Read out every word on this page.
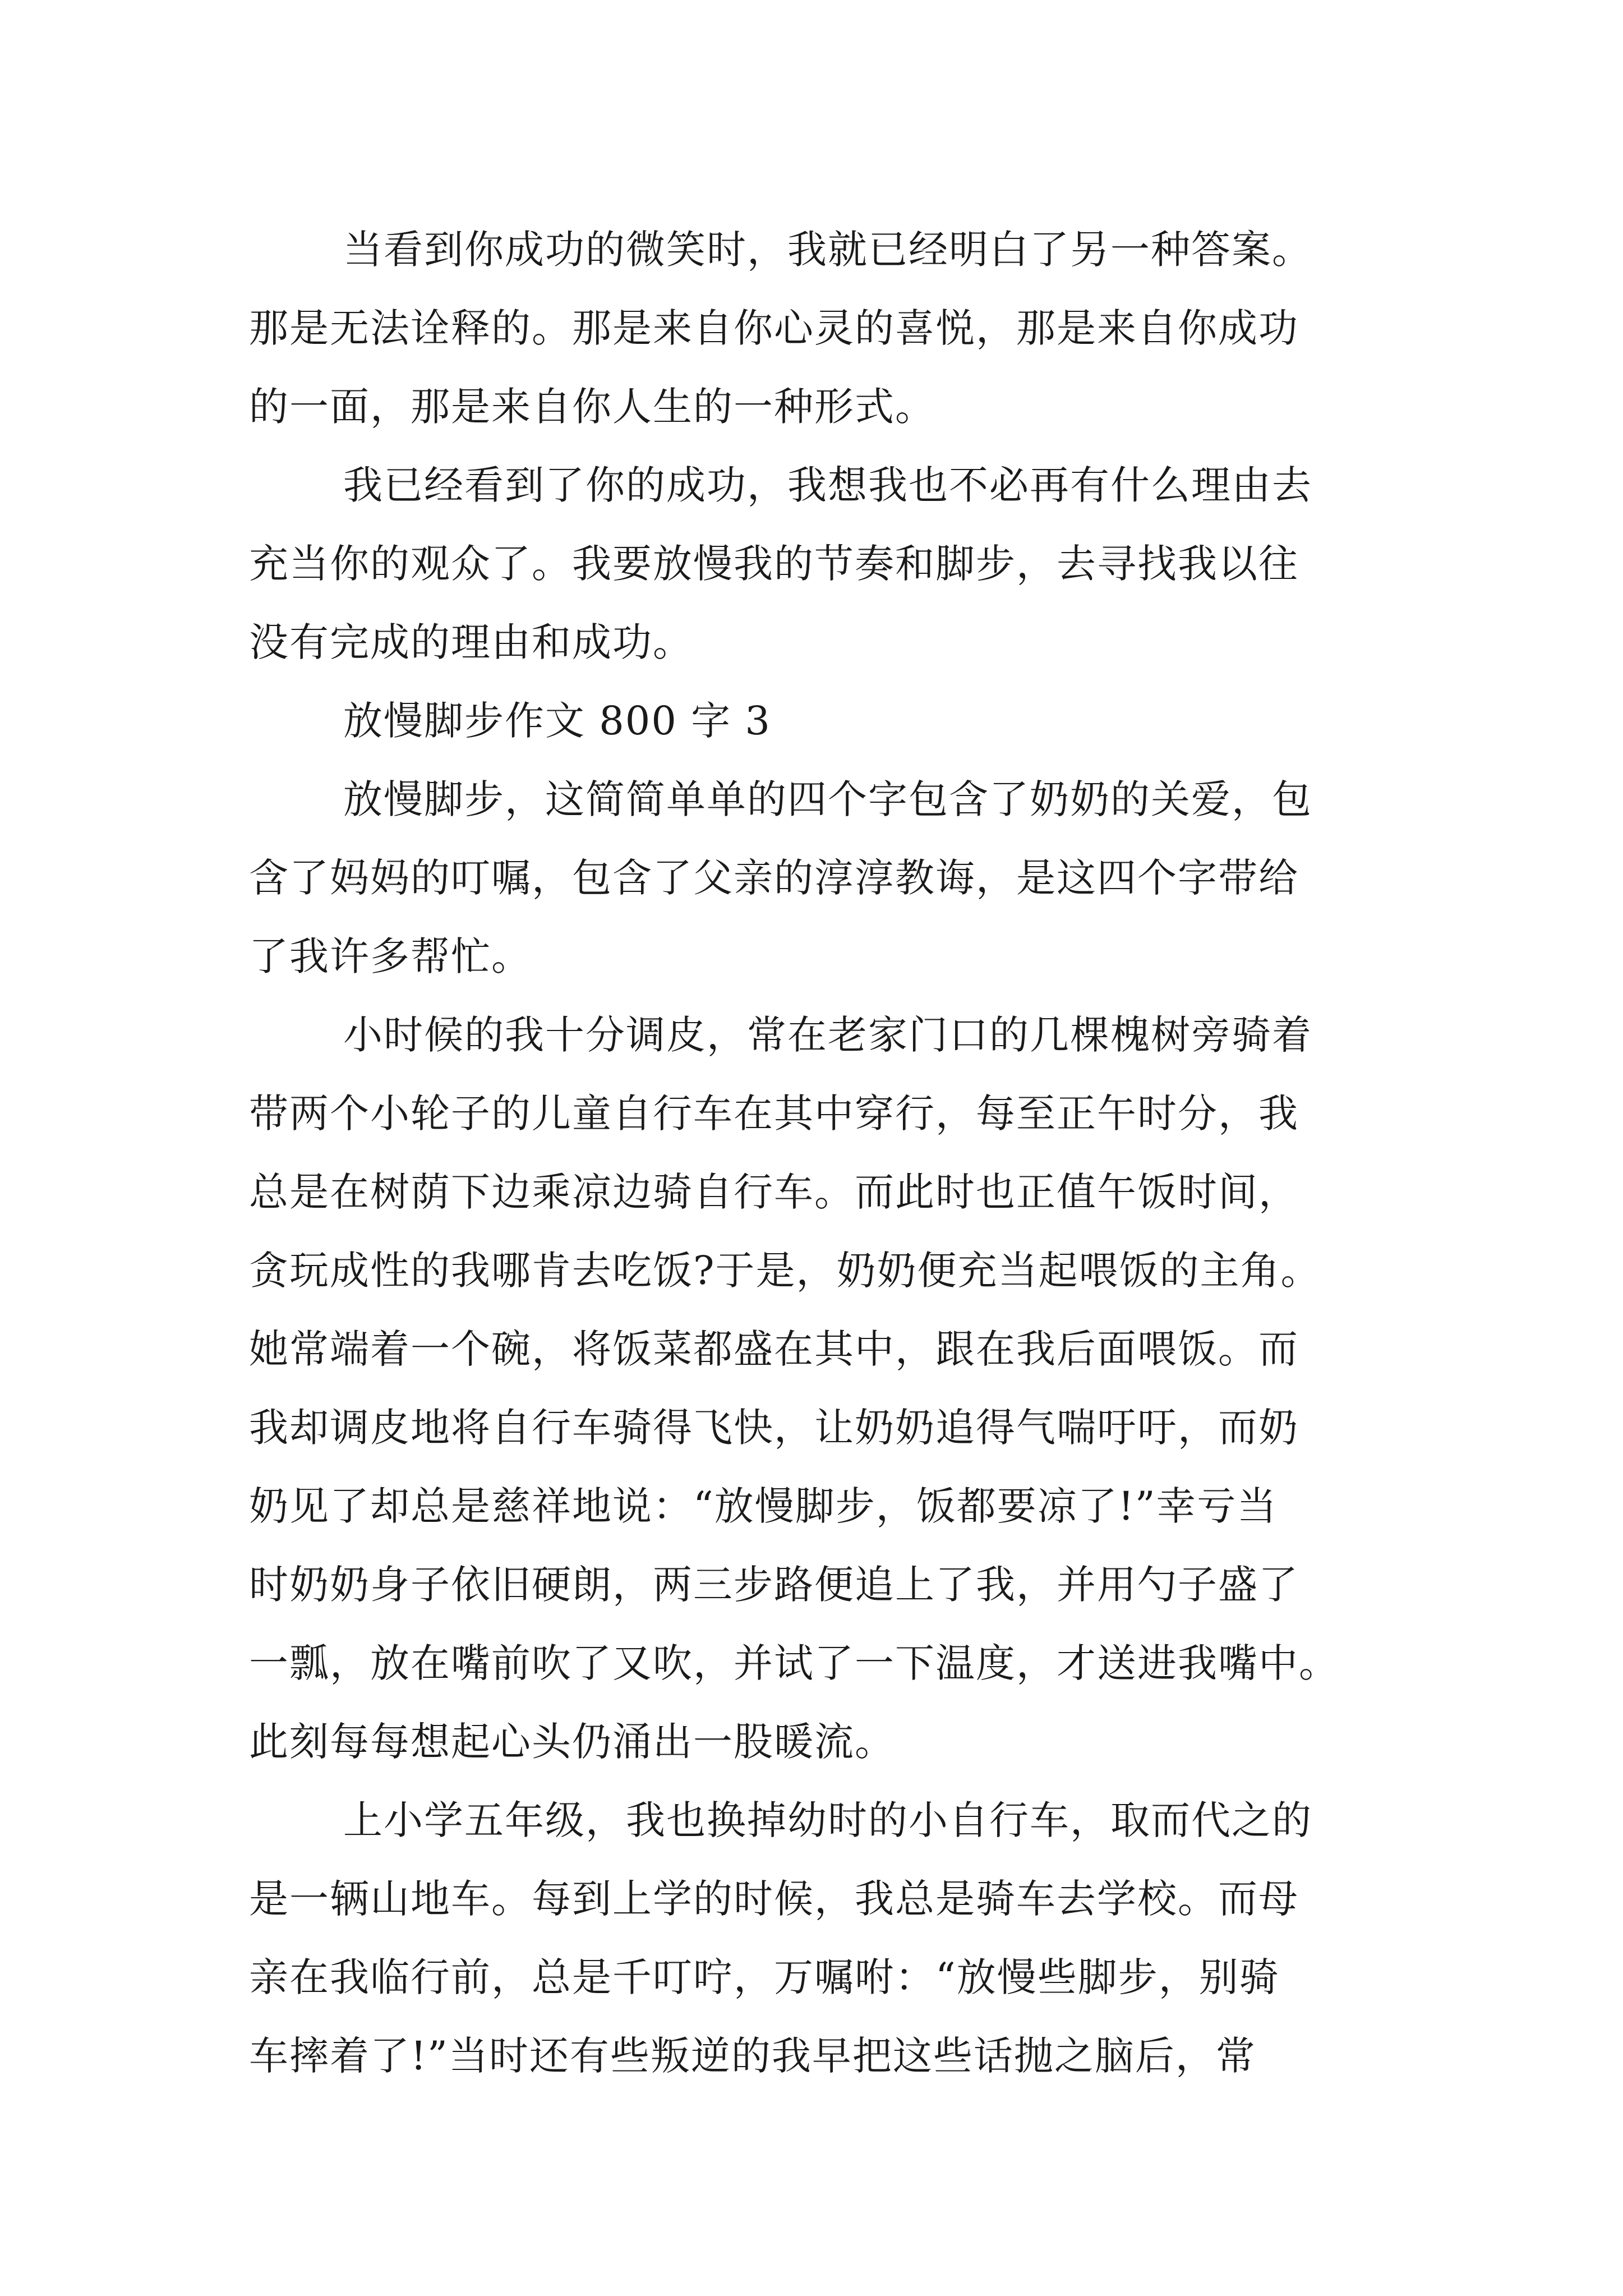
当看到你成功的微笑时，我就已经明白了另一种答案。
那是无法诠释的。那是来自你心灵的喜悦，那是来自你成功
的一面，那是来自你人生的一种形式。
我已经看到了你的成功，我想我也不必再有什么理由去
充当你的观众了。我要放慢我的节奏和脚步，去寻找我以往
没有完成的理由和成功。
放慢脚步作文 800 字 3
放慢脚步，这简简单单的四个字包含了奶奶的关爱，包
含了妈妈的叮嘱，包含了父亲的淳淳教诲，是这四个字带给
了我许多帮忙。
小时候的我十分调皮，常在老家门口的几棵槐树旁骑着
带两个小轮子的儿童自行车在其中穿行，每至正午时分，我
总是在树荫下边乘凉边骑自行车。而此时也正值午饭时间，
贪玩成性的我哪肯去吃饭?于是，奶奶便充当起喂饭的主角。
她常端着一个碗，将饭菜都盛在其中，跟在我后面喂饭。而
我却调皮地将自行车骑得飞快，让奶奶追得气喘吁吁，而奶
奶见了却总是慈祥地说：“放慢脚步，饭都要凉了!”幸亏当
时奶奶身子依旧硬朗，两三步路便追上了我，并用勺子盛了
一瓢，放在嘴前吹了又吹，并试了一下温度，才送进我嘴中。
此刻每每想起心头仍涌出一股暖流。
上小学五年级，我也换掉幼时的小自行车，取而代之的
是一辆山地车。每到上学的时候，我总是骑车去学校。而母
亲在我临行前，总是千叮咛，万嘱咐：“放慢些脚步，别骑
车摔着了!”当时还有些叛逆的我早把这些话抛之脑后，常
